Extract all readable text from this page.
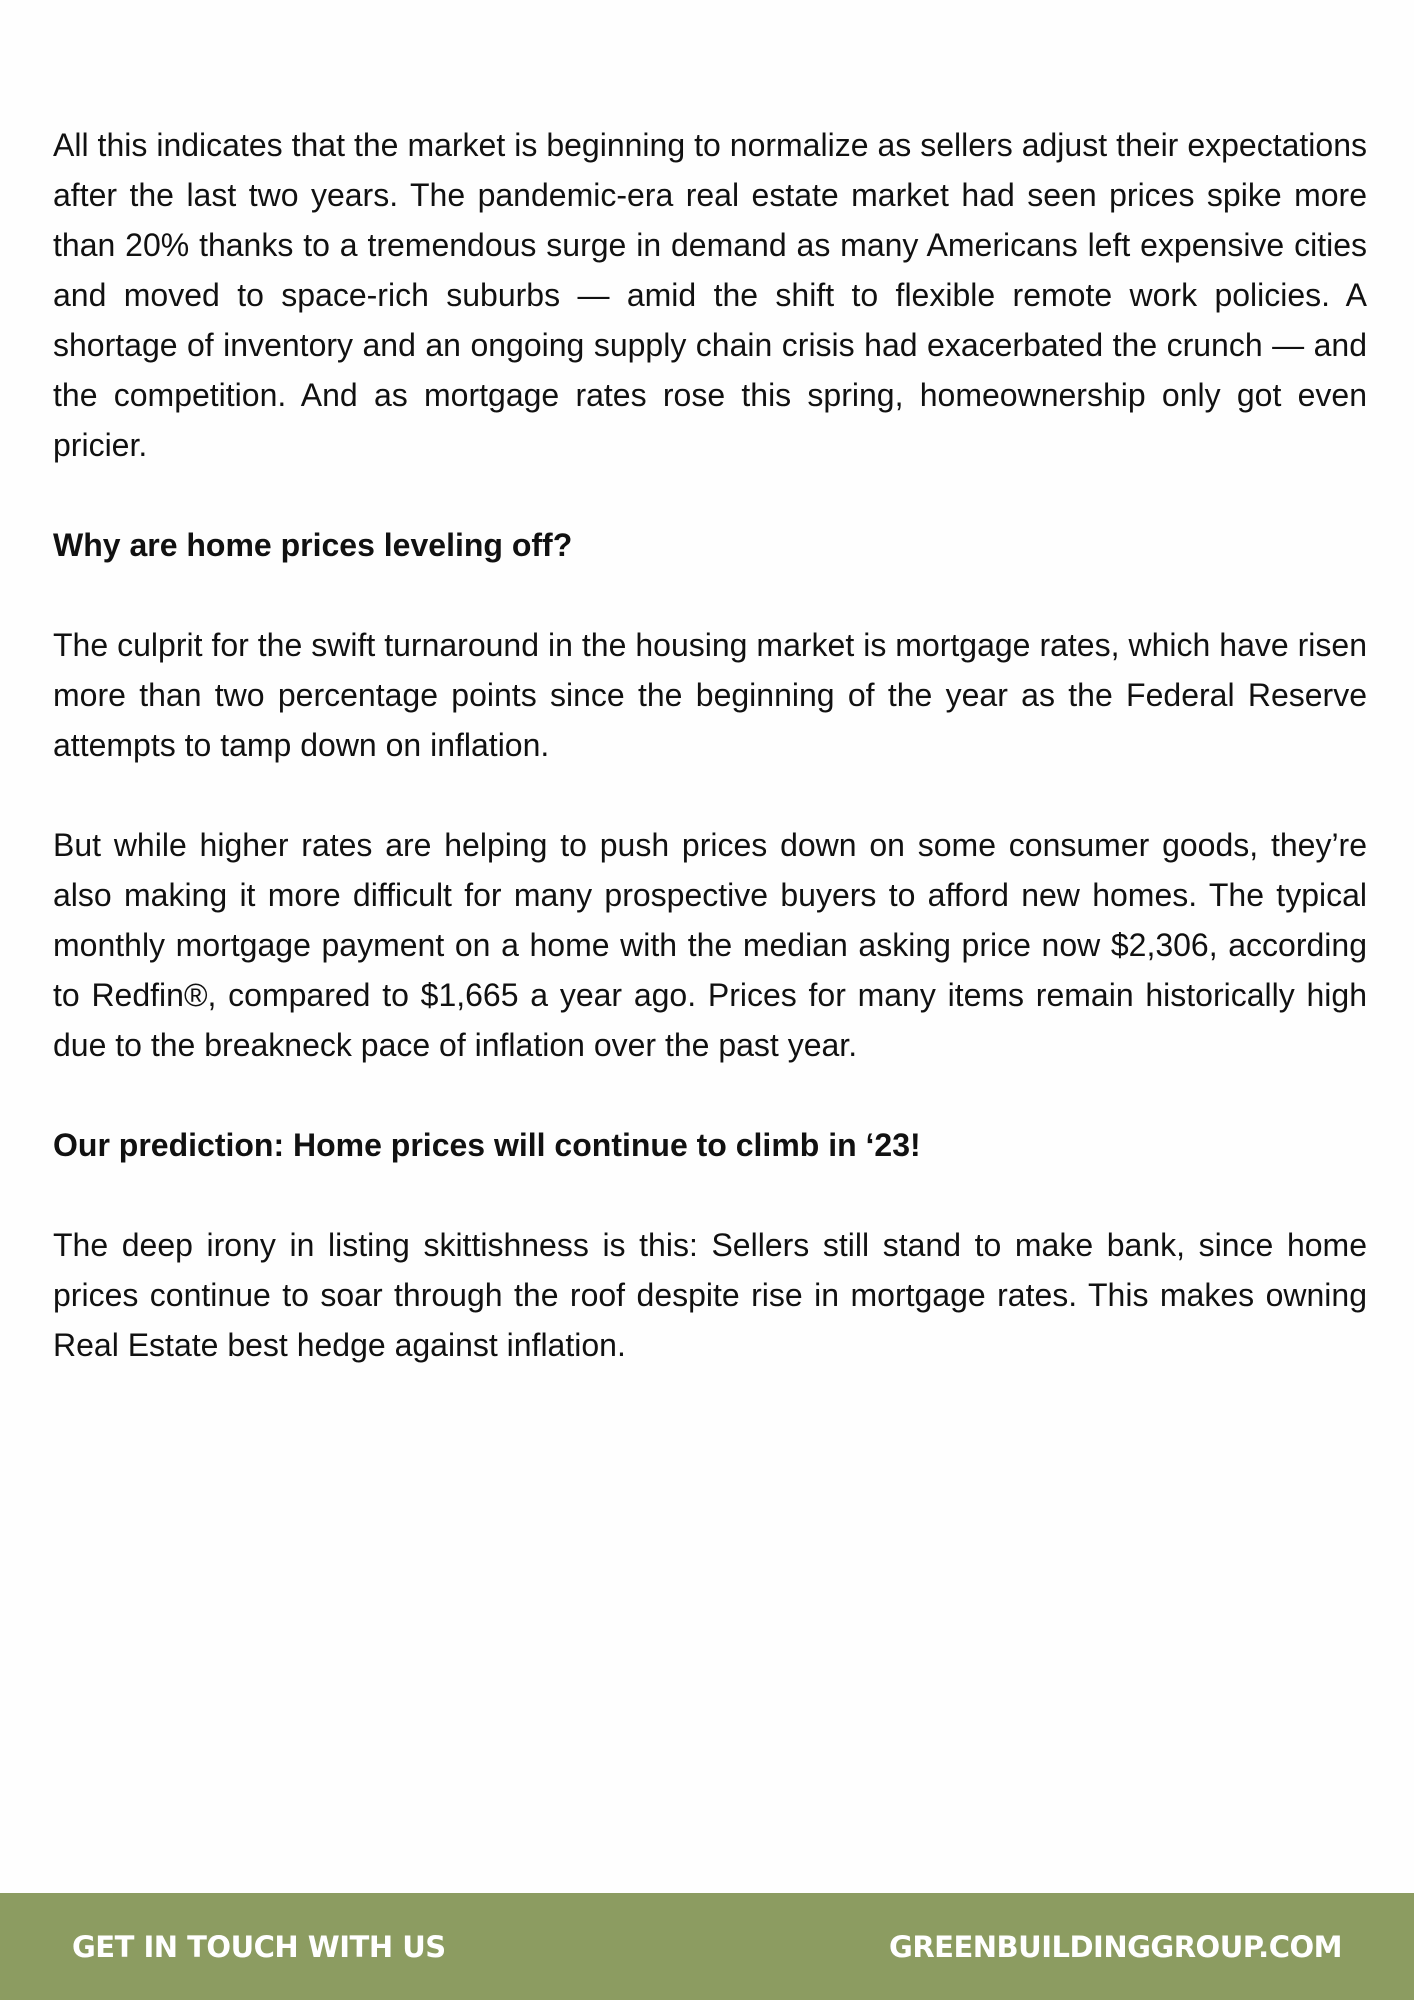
All this indicates that the market is beginning to normalize as sellers adjust their expectations after the last two years. The pandemic-era real estate market had seen prices spike more than 20% thanks to a tremendous surge in demand as many Americans left expensive cities and moved to space-rich suburbs — amid the shift to flexible remote work policies. A shortage of inventory and an ongoing supply chain crisis had exacerbated the crunch — and the competition. And as mortgage rates rose this spring, homeownership only got even pricier.

Why are home prices leveling off?

The culprit for the swift turnaround in the housing market is mortgage rates, which have risen more than two percentage points since the beginning of the year as the Federal Reserve attempts to tamp down on inflation.

But while higher rates are helping to push prices down on some consumer goods, they’re also making it more difficult for many prospective buyers to afford new homes. The typical monthly mortgage payment on a home with the median asking price now $2,306, according to Redfin®, compared to $1,665 a year ago. Prices for many items remain historically high due to the breakneck pace of inflation over the past year.

Our prediction: Home prices will continue to climb in ‘23!

The deep irony in listing skittishness is this: Sellers still stand to make bank, since home prices continue to soar through the roof despite rise in mortgage rates. This makes owning Real Estate best hedge against inflation.

GET IN TOUCH WITH US	GREENBUILDINGGROUP.COM
